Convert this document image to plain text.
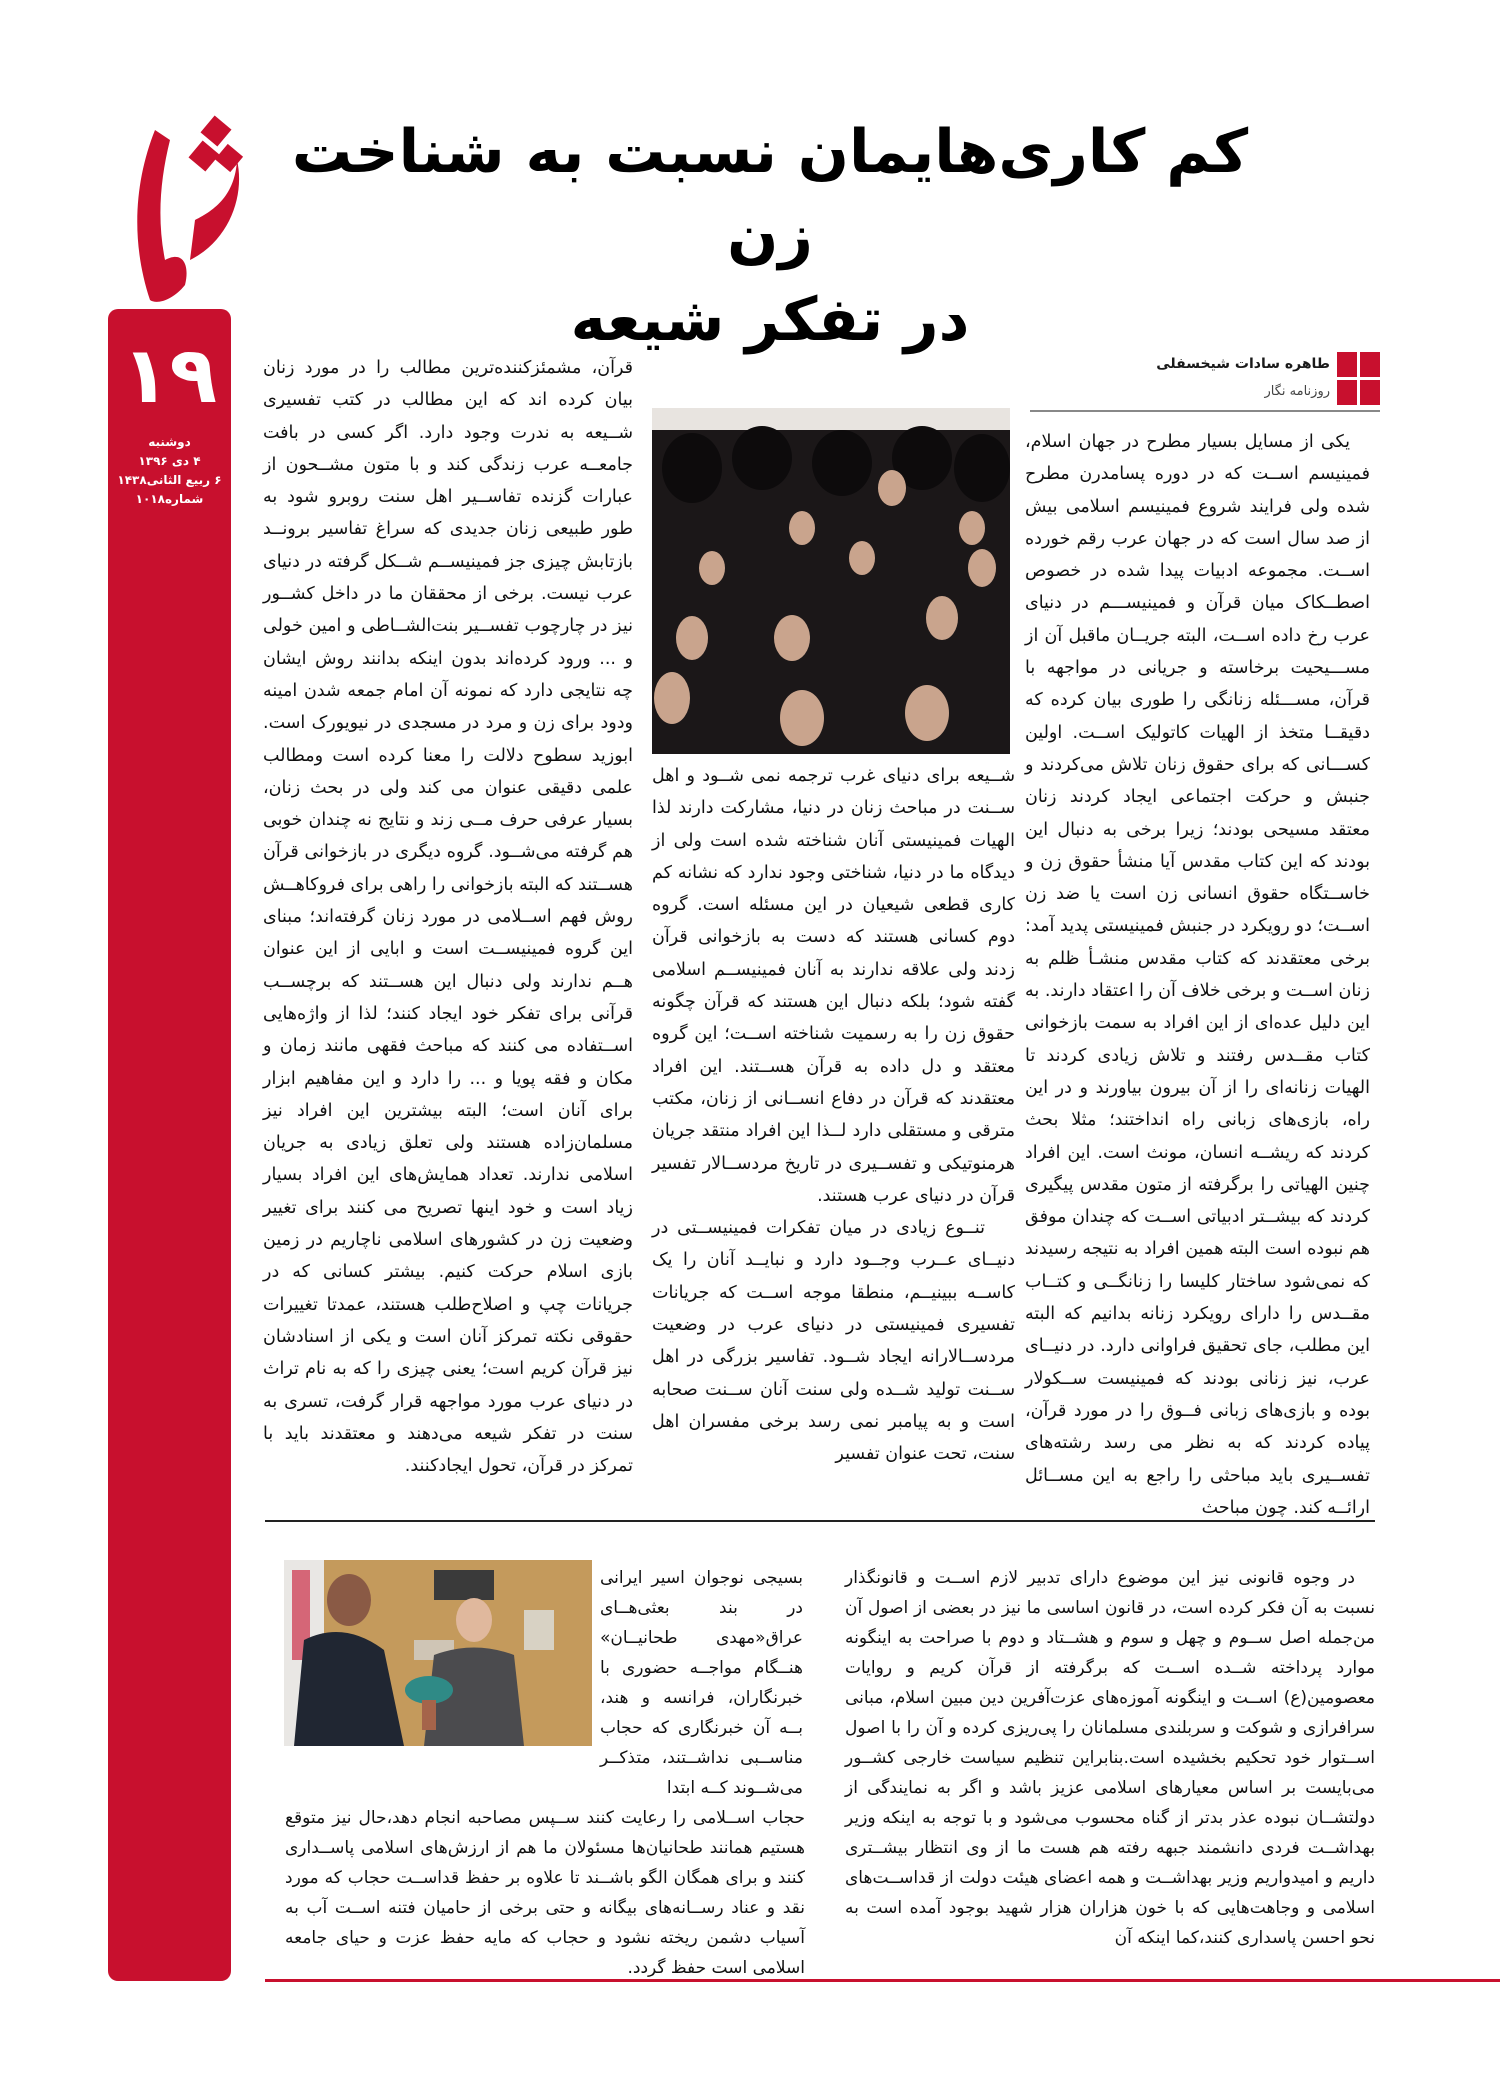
۱۹
دوشنبه
۴ دی ۱۳۹۶
۶ ربیع الثانی۱۴۳۸
شماره۱۰۱۸
کم کاری‌هایمان نسبت به شناخت زن
در تفکر شیعه
طاهره سادات شیخسفلی
روزنامه نگار

یکی از مسایل بسیار مطرح در جهان اسلام، فمینیسم اســت که در دوره پسامدرن مطرح شده ولی فرایند شروع فمینیسم اسلامی بیش از صد سال است که در جهان عرب رقم خورده اســت. مجموعه ادبیات پیدا شده در خصوص اصطــکاک میان قرآن و فمینیســـم در دنیای عرب رخ داده اســت، البته جریــان ماقبل آن از مســـیحیت برخاسته و جریانی در مواجهه با قرآن، مســـئله زنانگی را طوری بیان کرده که دقیقــا متخذ از الهیات کاتولیک اســت. اولین کســـانی که برای حقوق زنان تلاش می‌کردند و جنبش و حرکت اجتماعی ایجاد کردند زنان معتقد مسیحی بودند؛ زیرا برخی به دنبال این بودند که این کتاب مقدس آیا منشأ حقوق زن و خاســتگاه حقوق انسانی زن است یا ضد زن اســت؛ دو رویکرد در جنبش فمینیستی پدید آمد: برخی معتقدند که کتاب مقدس منشـأ ظلم به زنان اســت و برخی خلاف آن را اعتقاد دارند. به این دلیل عده‌ای از این افراد به سمت بازخوانی کتاب مقــدس رفتند و تلاش زیادی کردند تا الهیات زنانه‌ای را از آن بیرون بیاورند و در این راه، بازی‌های زبانی راه انداختند؛ مثلا بحث کردند که ریشــه انسان، مونث است. این افراد چنین الهیاتی را برگرفته از متون مقدس پیگیری کردند که بیشــتر ادبیاتی اســت که چندان موفق هم نبوده است البته همین افراد به نتیجه رسیدند که نمی‌شود ساختار کلیسا را زنانگــی و کتــاب مقــدس را دارای رویکرد زنانه بدانیم که البته این مطلب، جای تحقیق فراوانی دارد. در دنیــای عرب، نیز زنانی بودند که فمینیست ســکولار بوده و بازی‌های زبانی فــوق را در مورد قرآن، پیاده کردند که به نظر می رسد رشته‌های تفســیری باید مباحثی را راجع به این مســائل ارائــه کند. چون مباحث

شــیعه برای دنیای غرب ترجمه نمی شــود و اهل ســنت در مباحث زنان در دنیا، مشارکت دارند لذا الهیات فمینیستی آنان شناخته شده است ولی از دیدگاه ما در دنیا، شناختی وجود ندارد که نشانه کم کاری قطعی شیعیان در این مسئله است. گروه دوم کسانی هستند که دست به بازخوانی قرآن زدند ولی علاقه ندارند به آنان فمینیســم اسلامی گفته شود؛ بلکه دنبال این هستند که قرآن چگونه حقوق زن را به رسمیت شناخته اســت؛ این گروه معتقد و دل داده به قرآن هســتند. این افراد معتقدند که قرآن در دفاع انســانی از زنان، مکتب مترقی و مستقلی دارد لــذا این افراد منتقد جریان هرمنوتیکی و تفســیری در تاریخ مردســالار تفسیر قرآن در دنیای عرب هستند.

تنــوع زیادی در میان تفکرات فمینیســتی در دنیــای عــرب وجــود دارد و نبایــد آنان را یک کاســه ببینیــم، منطقا موجه اســت که جریانات تفسیری فمینیستی در دنیای عرب در وضعیت مردســالارانه ایجاد شــود. تفاسیر بزرگی در اهل ســنت تولید شــده ولی سنت آنان ســنت صحابه است و به پیامبر نمی رسد برخی مفسران اهل سنت، تحت عنوان تفسیر

قرآن، مشمئزکننده‌ترین مطالب را در مورد زنان بیان کرده اند که این مطالب در کتب تفسیری شــیعه به ندرت وجود دارد. اگر کسی در بافت جامعــه عرب زندگی کند و با متون مشــحون از عبارات گزنده تفاســیر اهل سنت روبرو شود به طور طبیعی زنان جدیدی که سراغ تفاسیر برونــد بازتابش چیزی جز فمینیســم شــکل گرفته در دنیای عرب نیست. برخی از محققان ما در داخل کشــور نیز در چارچوب تفســیر بنت‌الشــاطی و امین خولی و ... ورود کرده‌اند بدون اینکه بدانند روش ایشان چه نتایجی دارد که نمونه آن امام جمعه شدن امینه ودود برای زن و مرد در مسجدی در نیویورک است. ابوزید سطوح دلالت را معنا کرده است ومطالب علمی دقیقی عنوان می کند ولی در بحث زنان، بسیار عرفی حرف مــی زند و نتایج نه چندان خوبی هم گرفته می‌شــود. گروه دیگری در بازخوانی قرآن هســتند که البته بازخوانی را راهی برای فروکاهــش روش فهم اســلامی در مورد زنان گرفته‌اند؛ مبنای این گروه فمینیســت است و ابایی از این عنوان هــم ندارند ولی دنبال این هســتند که برچســب قرآنی برای تفکر خود ایجاد کنند؛ لذا از واژه‌هایی اســتفاده می کنند که مباحث فقهی مانند زمان و مکان و فقه پویا و ... را دارد و این مفاهیم ابزار برای آنان است؛ البته بیشترین این افراد نیز مسلمان‌زاده هستند ولی تعلق زیادی به جریان اسلامی ندارند. تعداد همایش‌های این افراد بسیار زیاد است و خود اینها تصریح می کنند برای تغییر وضعیت زن در کشورهای اسلامی ناچاریم در زمین بازی اسلام حرکت کنیم. بیشتر کسانی که در جریانات چپ و اصلاح‌طلب هستند، عمدتا تغییرات حقوقی نکته تمرکز آنان است و یکی از اسنادشان نیز قرآن کریم است؛ یعنی چیزی را که به نام تراث در دنیای عرب مورد مواجهه قرار گرفت، تسری به سنت در تفکر شیعه می‌دهند و معتقدند باید با تمرکز در قرآن، تحول ایجادکنند.

در وجوه قانونی نیز این موضوع دارای تدبیر لازم اســت و قانونگذار نسبت به آن فکر کرده است، در قانون اساسی ما نیز در بعضی از اصول آن من‌جمله اصل ســوم و چهل و سوم و هشــتاد و دوم با صراحت به اینگونه موارد پرداخته شــده اســت که برگرفته از قرآن کریم و روایات معصومین(ع) اســت و اینگونه آموزه‌های عزت‌آفرین دین مبین اسلام، مبانی سرافرازی و شوکت و سربلندی مسلمانان را پی‌ریزی کرده و آن را با اصول اســتوار خود تحکیم بخشیده است.بنابراین تنظیم سیاست خارجی کشــور می‌بایست بر اساس معیارهای اسلامی عزیز باشد و اگر به نمایندگی از دولتشــان نبوده عذر بدتر از گناه محسوب می‌شود و با توجه به اینکه وزیر بهداشــت فردی دانشمند جبهه رفته هم هست ما از وی انتظار بیشــتری داریم و امیدواریم وزیر بهداشــت و همه اعضای هیئت دولت از قداســت‌های اسلامی و وجاهت‌هایی که با خون هزاران هزار شهید بوجود آمده است به نحو احسن پاسداری کنند،کما اینکه آن

بسیجی نوجوان اسیر ایرانی در بند بعثی‌هــای عراق«مهدی طحانیــان» هنــگام مواجــه حضوری با خبرنگاران، فرانسه و هند، بــه آن خبرنگاری که حجاب مناســبی نداشــتند، متذکــر می‌شــوند کــه ابتدا

حجاب اســلامی را رعایت کنند ســپس مصاحبه انجام دهد،حال نیز متوقع هستیم همانند طحانیان‌ها مسئولان ما هم از ارزش‌های اسلامی پاســداری کنند و برای همگان الگو باشــند تا علاوه بر حفظ قداســت حجاب که مورد نقد و عناد رســانه‌های بیگانه و حتی برخی از حامیان فتنه اســت آب به آسیاب دشمن ریخته نشود و حجاب که مایه حفظ عزت و حیای جامعه اسلامی است حفظ گردد.
